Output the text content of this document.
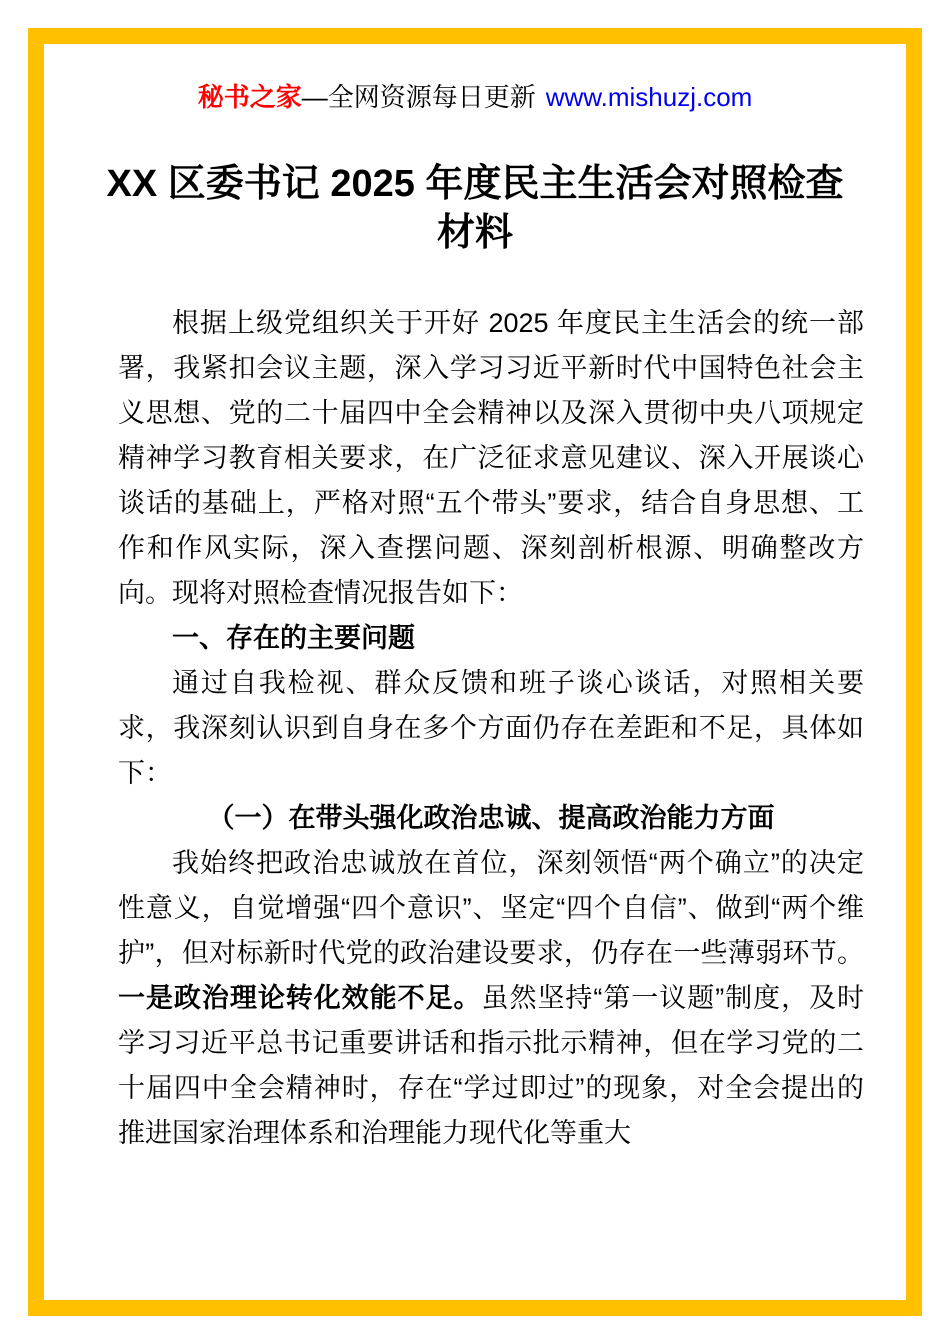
秘书之家—全网资源每日更新 www.mishuzj.com
XX 区委书记 2025 年度民主生活会对照检查材料

根据上级党组织关于开好 2025 年度民主生活会的统一部署，我紧扣会议主题，深入学习习近平新时代中国特色社会主义思想、党的二十届四中全会精神以及深入贯彻中央八项规定精神学习教育相关要求，在广泛征求意见建议、深入开展谈心谈话的基础上，严格对照“五个带头”要求，结合自身思想、工作和作风实际，深入查摆问题、深刻剖析根源、明确整改方向。现将对照检查情况报告如下：

一、存在的主要问题

通过自我检视、群众反馈和班子谈心谈话，对照相关要求，我深刻认识到自身在多个方面仍存在差距和不足，具体如下：

（一）在带头强化政治忠诚、提高政治能力方面

我始终把政治忠诚放在首位，深刻领悟“两个确立”的决定性意义，自觉增强“四个意识”、坚定“四个自信”、做到“两个维护”，但对标新时代党的政治建设要求，仍存在一些薄弱环节。一是政治理论转化效能不足。虽然坚持“第一议题”制度，及时学习习近平总书记重要讲话和指示批示精神，但在学习党的二十届四中全会精神时，存在“学过即过”的现象，对全会提出的推进国家治理体系和治理能力现代化等重大
